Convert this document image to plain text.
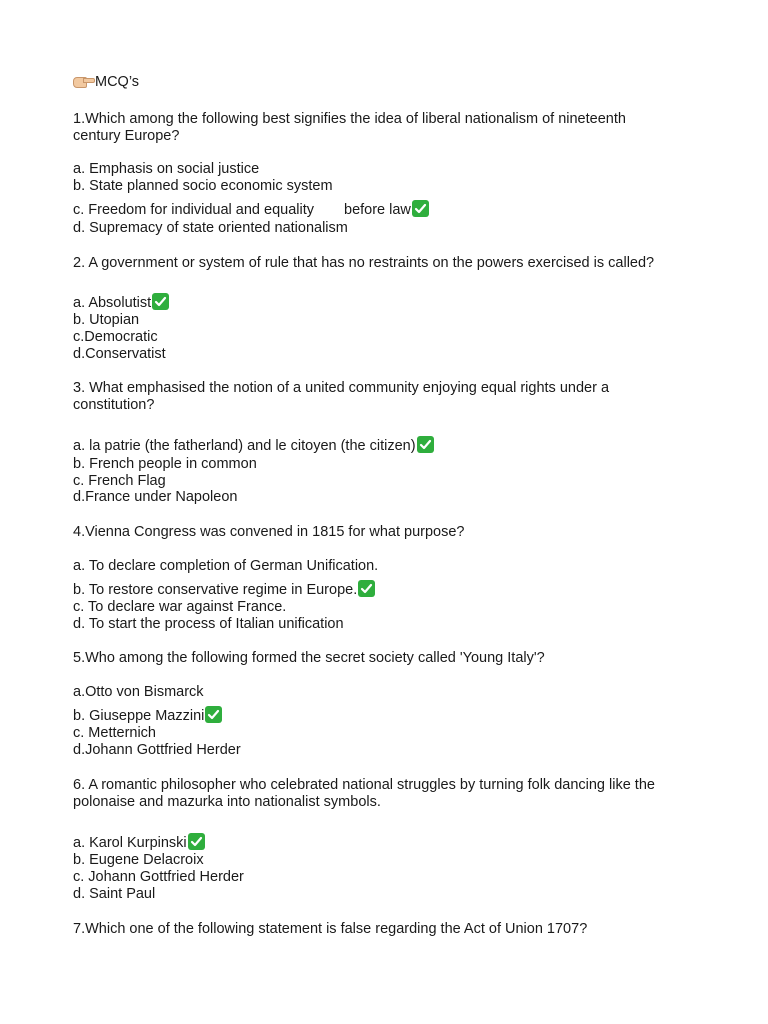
MCQ’s
1.Which among the following best signifies the idea of liberal nationalism of nineteenth
century Europe?
a. Emphasis on social justice
b. State planned socio economic system
c. Freedom for individual and equality before law
d. Supremacy of state oriented nationalism
2. A government or system of rule that has no restraints on the powers exercised is called?
a. Absolutist
b. Utopian
c.Democratic
d.Conservatist
3. What emphasised the notion of a united community enjoying equal rights under a
constitution?
a. la patrie (the fatherland) and le citoyen (the citizen)
b. French people in common
c. French Flag
d.France under Napoleon
4.Vienna Congress was convened in 1815 for what purpose?
a. To declare completion of German Unification.
b. To restore conservative regime in Europe.
c. To declare war against France.
d. To start the process of Italian unification
5.Who among the following formed the secret society called 'Young Italy'?
a.Otto von Bismarck
b. Giuseppe Mazzini
c. Metternich
d.Johann Gottfried Herder
6. A romantic philosopher who celebrated national struggles by turning folk dancing like the
polonaise and mazurka into nationalist symbols.
a. Karol Kurpinski
b. Eugene Delacroix
c. Johann Gottfried Herder
d. Saint Paul
7.Which one of the following statement is false regarding the Act of Union 1707?
